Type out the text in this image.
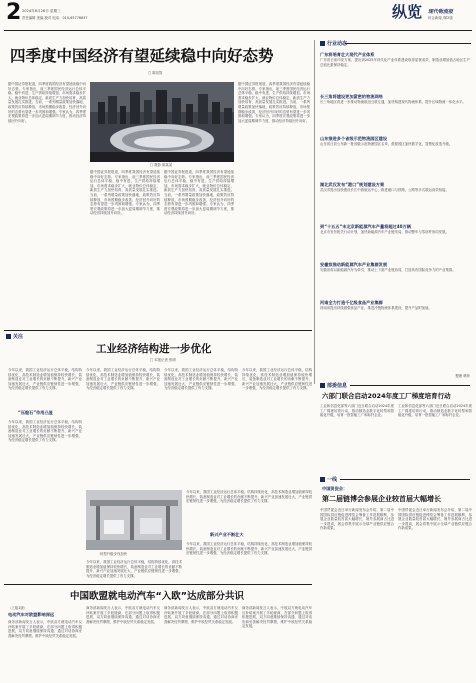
2 2024年6月26日 星期三
责任编辑 美编 校对 电话：010-65776637	纵览 现代物流报
综合新闻 /第2版
四季度中国经济有望延续稳中向好态势
□ 陈信智
据中国证券报报道，四季度我国经济有望延续稳中向好态势。专家指出，前三季度国民经济运行总体平稳、稳中有进，生产供给持续增加，市场需求稳步扩大，就业物价总体稳定，新质生产力加快培育，高质量发展扎实推进。当前，一系列增量政策加快落地，政策效应持续释放，市场预期稳步改善，经济回升向好的态势有望进一步巩固和增强。专家认为，四季度宏观政策将进一步加大逆周期调节力度，推动经济持续回升向好。
□ 摄影 陈某某
据中国证券报报道，四季度我国经济有望延续稳中向好态势。专家指出，前三季度国民经济运行总体平稳、稳中有进，生产供给持续增加，市场需求稳步扩大，就业物价总体稳定，新质生产力加快培育，高质量发展扎实推进。当前，一系列增量政策加快落地，政策效应持续释放，市场预期稳步改善，经济回升向好的态势有望进一步巩固和增强。专家认为，四季度宏观政策将进一步加大逆周期调节力度，推动经济持续回升向好。
据中国证券报报道，四季度我国经济有望延续稳中向好态势。专家指出，前三季度国民经济运行总体平稳、稳中有进，生产供给持续增加，市场需求稳步扩大，就业物价总体稳定，新质生产力加快培育，高质量发展扎实推进。当前，一系列增量政策加快落地，政策效应持续释放，市场预期稳步改善，经济回升向好的态势有望进一步巩固和增强。专家认为，四季度宏观政策将进一步加大逆周期调节力度，推动经济持续回升向好。
据中国证券报报道，四季度我国经济有望延续稳中向好态势。专家指出，前三季度国民经济运行总体平稳、稳中有进，生产供给持续增加，市场需求稳步扩大，就业物价总体稳定，新质生产力加快培育，高质量发展扎实推进。当前，一系列增量政策加快落地，政策效应持续释放，市场预期稳步改善，经济回升向好的态势有望进一步巩固和增强。专家认为，四季度宏观政策将进一步加大逆周期调节力度，推动经济持续回升向好。
行业动态
广东将培育壮大现代产业体系
广东省日前印发方案，提出到2025年现代化产业体系建设取得显著成效，制造业增加值占地区生产总值比重保持稳定。
长三角将建设更加紧密的物流网络
长三角地区将进一步推动物流枢纽互联互通，加快构建现代物流体系，提升区域物流一体化水平。
山东推进多个省级示范物流园区建设
山东省日前公布新一批省级示范物流园区名单，鼓励园区加快数字化、智慧化改造升级。
湖北武汉发布“港口”规划建设方案
武汉市提出加快建设长江中游航运中心，推进港口与铁路、公路等多式联运高效衔接。
到“十五五”末北京新能源汽车产量将超过40万辆
北京市发布相关行动计划，加快新能源汽车产业链布局，推动整车与零部件协同发展。
安徽拟推动新能源汽车产业集群发展
安徽省将以新能源汽车为牵引，推动上下游产业链协同，打造具有国际竞争力的产业集群。
河南全力打造千亿级食品产业集群
河南省提出持续做强食品产业，推进冷链物流体系建设，提升产品附加值。
整理 韩菲
关注
工业经济结构进一步优化
□ 本报记者 张明
今年以来，我国工业经济运行总体平稳，结构持续优化，高技术制造业增加值保持较快增长，装备制造业对工业增长的贡献不断提升，新兴产业加速发展壮大，产业链供应链韧性进一步增强，为经济稳定增长提供了有力支撑。
“压舱石”作用凸显
今年以来，我国工业经济运行总体平稳，结构持续优化，高技术制造业增加值保持较快增长，装备制造业对工业增长的贡献不断提升，新兴产业加速发展壮大，产业链供应链韧性进一步增强，为经济稳定增长提供了有力支撑。
今年以来，我国工业经济运行总体平稳，结构持续优化，高技术制造业增加值保持较快增长，装备制造业对工业增长的贡献不断提升，新兴产业加速发展壮大，产业链供应链韧性进一步增强，为经济稳定增长提供了有力支撑。
今年以来，我国工业经济运行总体平稳，结构持续优化，高技术制造业增加值保持较快增长，装备制造业对工业增长的贡献不断提升，新兴产业加速发展壮大，产业链供应链韧性进一步增强，为经济稳定增长提供了有力支撑。
今年以来，我国工业经济运行总体平稳，结构持续优化，高技术制造业增加值保持较快增长，装备制造业对工业增长的贡献不断提升，新兴产业加速发展壮大，产业链供应链韧性进一步增强，为经济稳定增长提供了有力支撑。
转型升级步伐加快
今年以来，我国工业经济运行总体平稳，结构持续优化，高技术制造业增加值保持较快增长，装备制造业对工业增长的贡献不断提升，新兴产业加速发展壮大，产业链供应链韧性进一步增强，为经济稳定增长提供了有力支撑。
新兴产业不断壮大
今年以来，我国工业经济运行总体平稳，结构持续优化，高技术制造业增加值保持较快增长，装备制造业对工业增长的贡献不断提升，新兴产业加速发展壮大，产业链供应链韧性进一步增强，为经济稳定增长提供了有力支撑。
今年以来，我国工业经济运行总体平稳，结构持续优化，高技术制造业增加值保持较快增长，装备制造业对工业增长的贡献不断提升，新兴产业加速发展壮大，产业链供应链韧性进一步增强，为经济稳定增长提供了有力支撑。
部委信息
六部门联合启动2024年度工厂梯度培育行动
工业和信息化部等六部门近日联合启动2024年度工厂梯度培育行动，推动制造业数字化转型和智能化升级，培育一批智能工厂和标杆企业。
工业和信息化部等六部门近日联合启动2024年度工厂梯度培育行动，推动制造业数字化转型和智能化升级，培育一批智能工厂和标杆企业。
一线
中国贸促会：
第二届链博会参展企业较首届大幅增长
中国贸促会近日举行新闻发布会介绍，第二届中国国际供应链促进博览会筹备工作进展顺利，参展企业数量较首届大幅增长，境外参展商占比进一步提高，展会将集中展示全球产业链供应链合作新成果。
中国贸促会近日举行新闻发布会介绍，第二届中国国际供应链促进博览会筹备工作进展顺利，参展企业数量较首届大幅增长，境外参展商占比进一步提高，展会将集中展示全球产业链供应链合作新成果。
中国欧盟就电动汽车“入欧”达成部分共识
（上接1版）
电动汽车对欧盟影响深远
商务部新闻发言人表示，中欧双方就电动汽车反补贴案开展了多轮磋商，在部分问题上取得积极进展，双方同意继续保持沟通，通过对话协商妥善解决经贸摩擦，维护中欧经贸关系稳定发展。
商务部新闻发言人表示，中欧双方就电动汽车反补贴案开展了多轮磋商，在部分问题上取得积极进展，双方同意继续保持沟通，通过对话协商妥善解决经贸摩擦，维护中欧经贸关系稳定发展。
商务部新闻发言人表示，中欧双方就电动汽车反补贴案开展了多轮磋商，在部分问题上取得积极进展，双方同意继续保持沟通，通过对话协商妥善解决经贸摩擦，维护中欧经贸关系稳定发展。
商务部新闻发言人表示，中欧双方就电动汽车反补贴案开展了多轮磋商，在部分问题上取得积极进展，双方同意继续保持沟通，通过对话协商妥善解决经贸摩擦，维护中欧经贸关系稳定发展。
